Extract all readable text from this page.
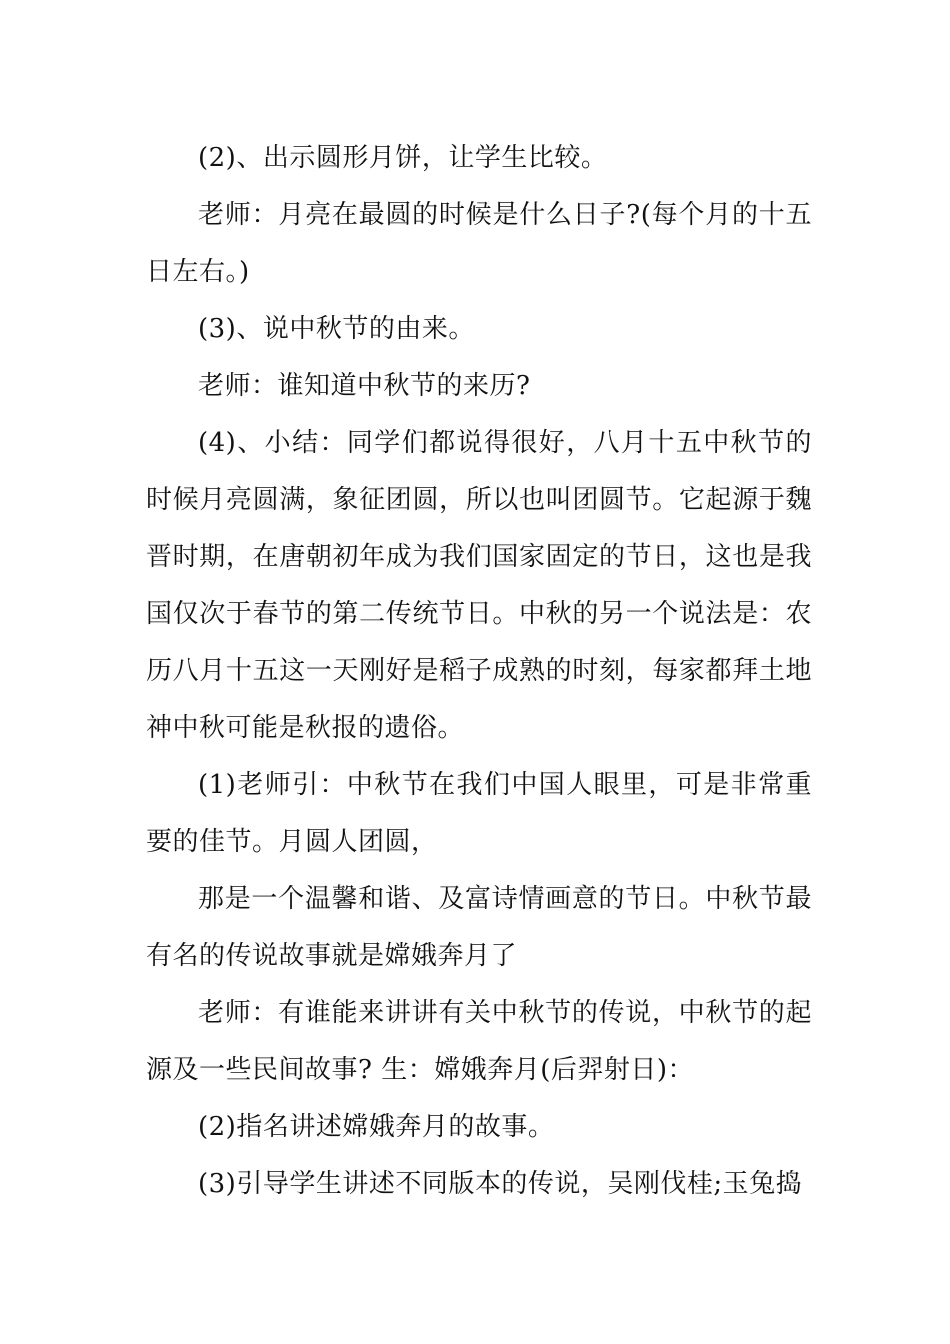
(2)、出示圆形月饼，让学生比较。

老师：月亮在最圆的时候是什么日子?(每个月的十五日左右。)

(3)、说中秋节的由来。

老师：谁知道中秋节的来历?

(4)、小结：同学们都说得很好，八月十五中秋节的时候月亮圆满，象征团圆，所以也叫团圆节。它起源于魏晋时期，在唐朝初年成为我们国家固定的节日，这也是我国仅次于春节的第二传统节日。中秋的另一个说法是：农历八月十五这一天刚好是稻子成熟的时刻，每家都拜土地神中秋可能是秋报的遗俗。

(1)老师引：中秋节在我们中国人眼里，可是非常重要的佳节。月圆人团圆，

那是一个温馨和谐、及富诗情画意的节日。中秋节最有名的传说故事就是嫦娥奔月了

老师：有谁能来讲讲有关中秋节的传说，中秋节的起源及一些民间故事? 生：嫦娥奔月(后羿射日)：

(2)指名讲述嫦娥奔月的故事。

(3)引导学生讲述不同版本的传说，吴刚伐桂;玉兔捣
